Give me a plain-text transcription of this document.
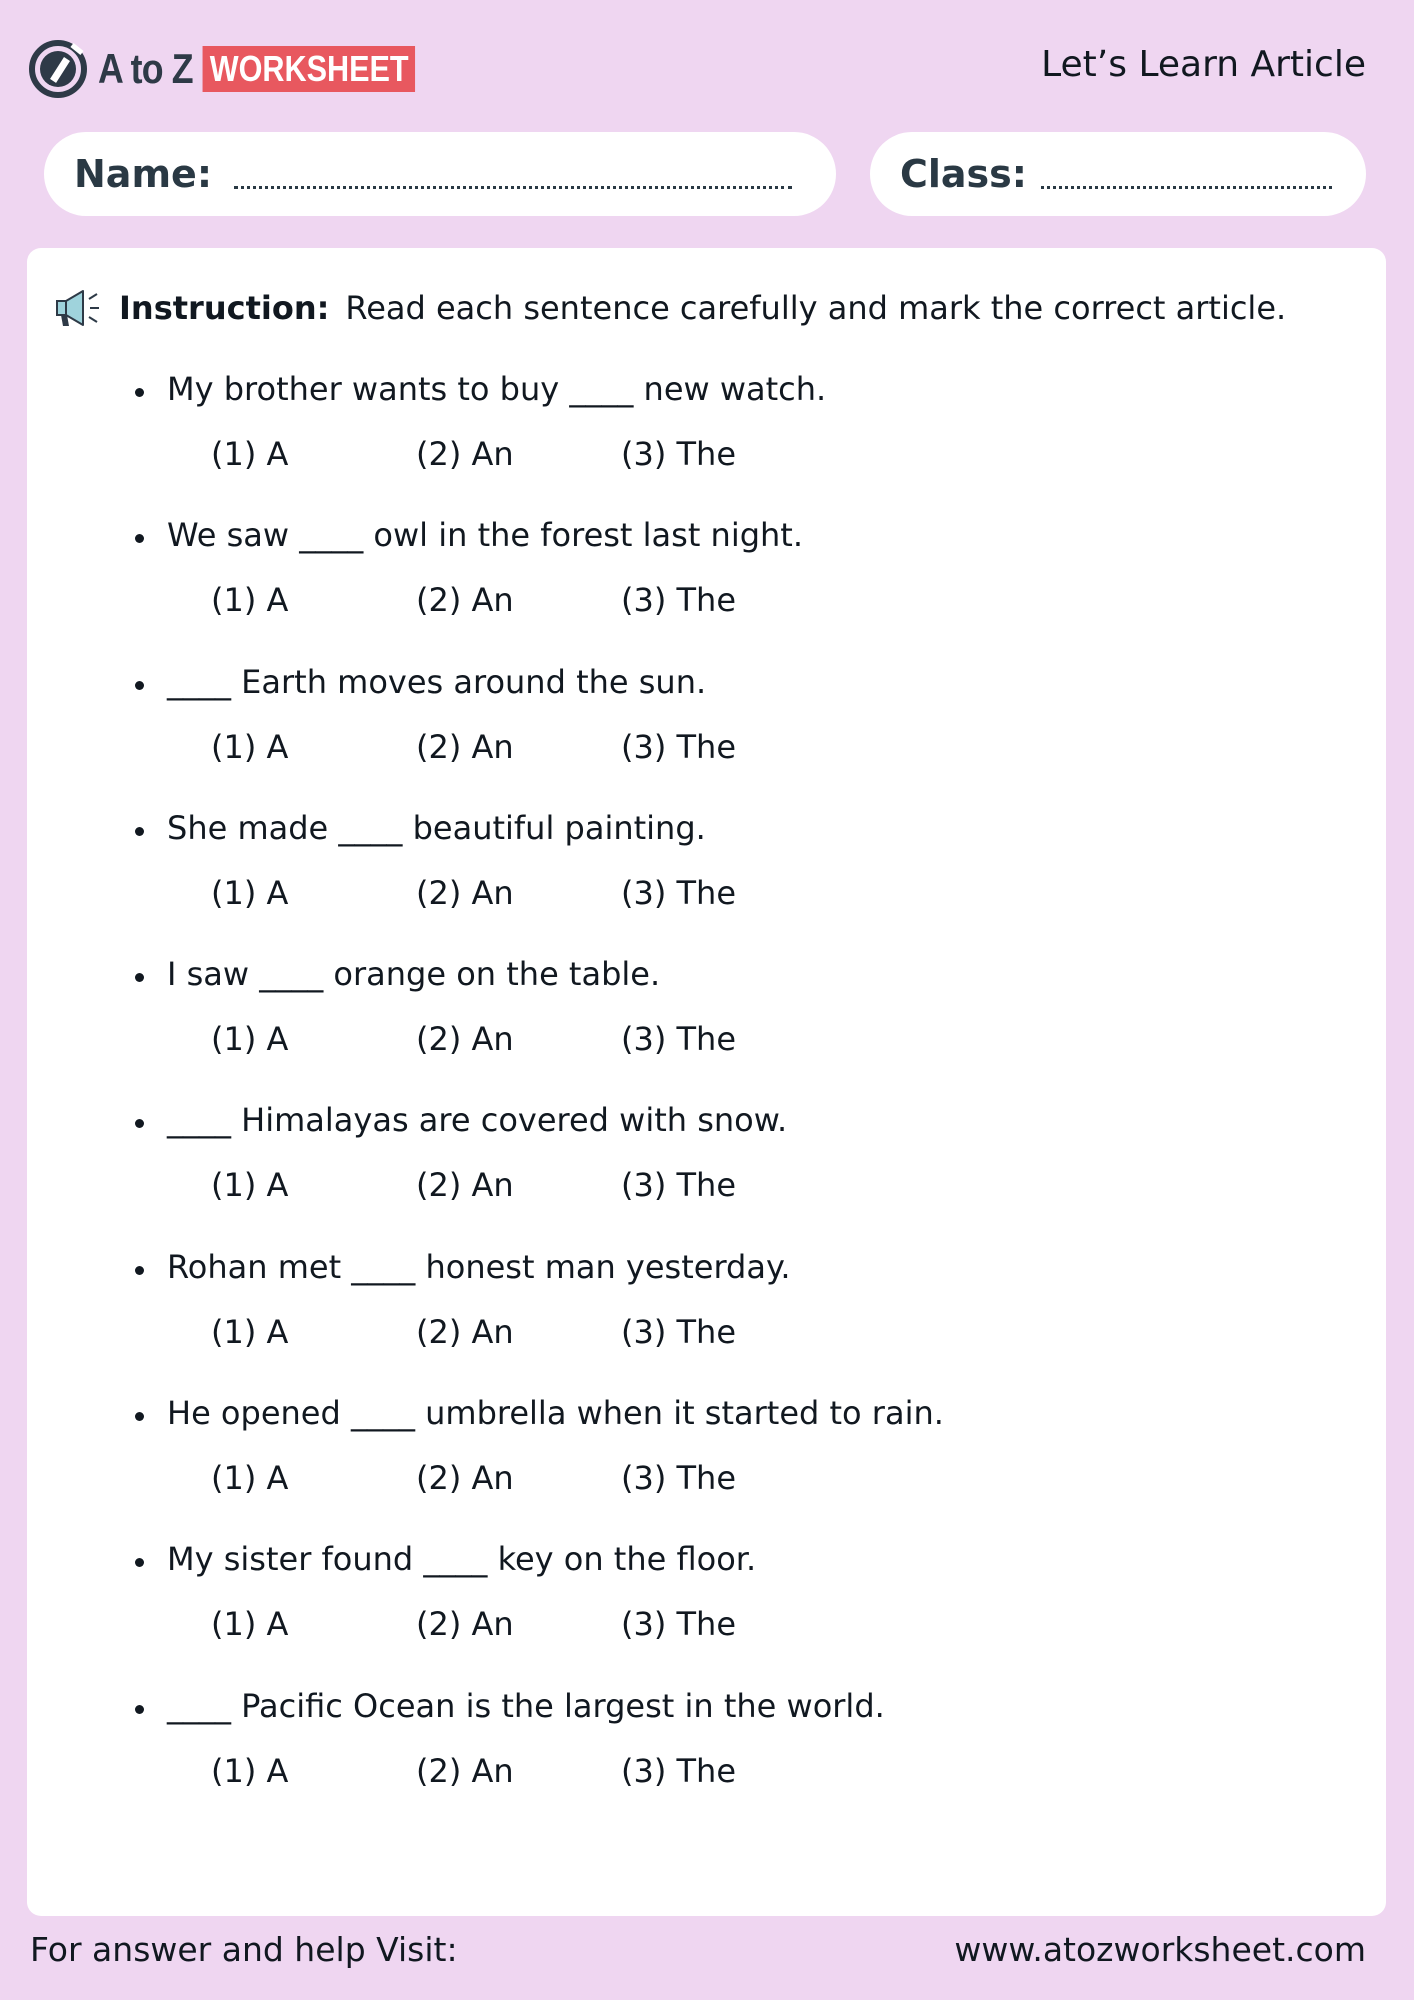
A to Z WORKSHEET	Let’s Learn Article
Name:	Class:
Instruction: Read each sentence carefully and mark the correct article.
My brother wants to buy ____ new watch.
(1) A	(2) An	(3) The
We saw ____ owl in the forest last night.
(1) A	(2) An	(3) The
____ Earth moves around the sun.
(1) A	(2) An	(3) The
She made ____ beautiful painting.
(1) A	(2) An	(3) The
I saw ____ orange on the table.
(1) A	(2) An	(3) The
____ Himalayas are covered with snow.
(1) A	(2) An	(3) The
Rohan met ____ honest man yesterday.
(1) A	(2) An	(3) The
He opened ____ umbrella when it started to rain.
(1) A	(2) An	(3) The
My sister found ____ key on the floor.
(1) A	(2) An	(3) The
____ Pacific Ocean is the largest in the world.
(1) A	(2) An	(3) The
For answer and help Visit:	www.atozworksheet.com
